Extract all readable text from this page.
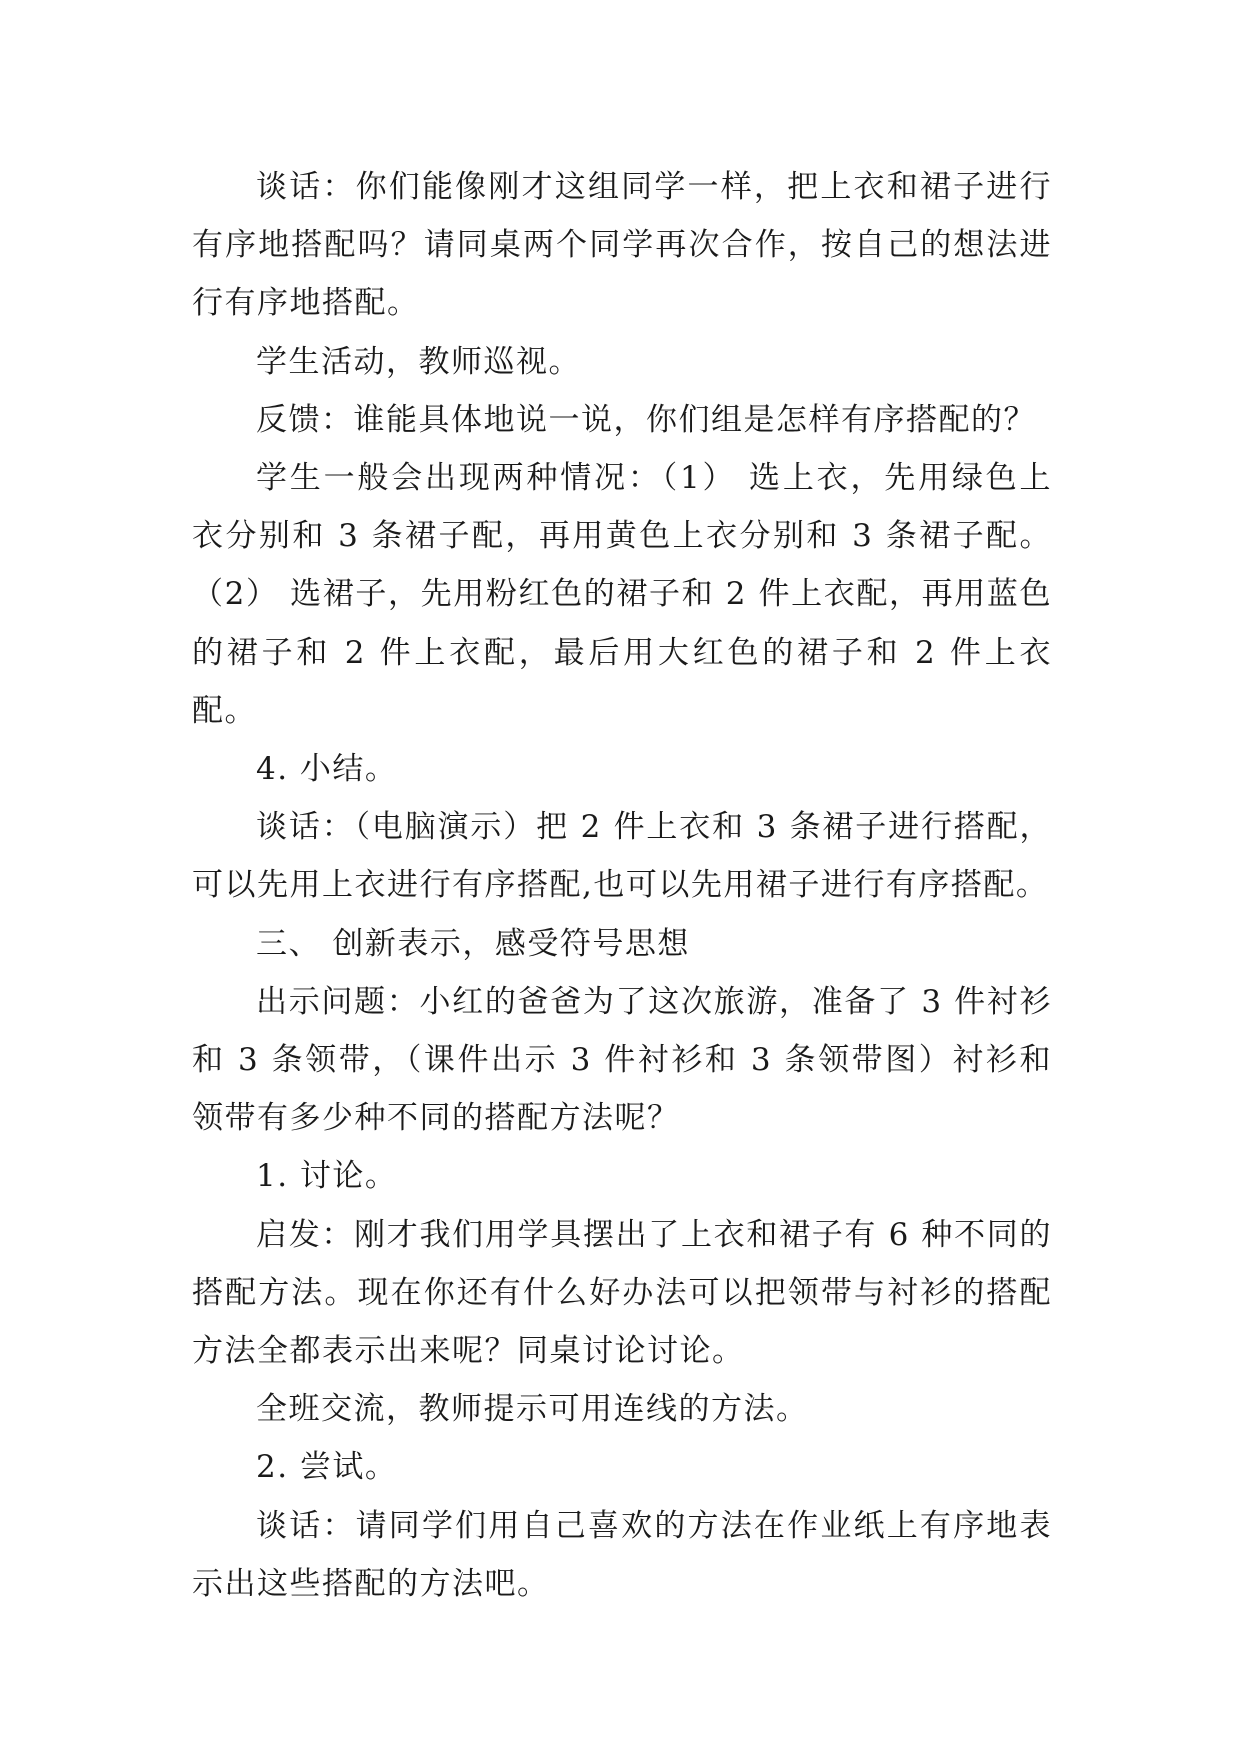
谈话：你们能像刚才这组同学一样，把上衣和裙子进行有序地搭配吗？请同桌两个同学再次合作，按自己的想法进行有序地搭配。

学生活动，教师巡视。

反馈：谁能具体地说一说，你们组是怎样有序搭配的？

学生一般会出现两种情况：（1） 选上衣，先用绿色上衣分别和 3 条裙子配，再用黄色上衣分别和 3 条裙子配。（2） 选裙子，先用粉红色的裙子和 2 件上衣配，再用蓝色的裙子和 2 件上衣配，最后用大红色的裙子和 2 件上衣配。

4. 小结。

谈话：（电脑演示）把 2 件上衣和 3 条裙子进行搭配，可以先用上衣进行有序搭配,也可以先用裙子进行有序搭配。

三、 创新表示，感受符号思想

出示问题：小红的爸爸为了这次旅游，准备了 3 件衬衫和 3 条领带，（课件出示 3 件衬衫和 3 条领带图）衬衫和领带有多少种不同的搭配方法呢？

1. 讨论。

启发：刚才我们用学具摆出了上衣和裙子有 6 种不同的搭配方法。现在你还有什么好办法可以把领带与衬衫的搭配方法全都表示出来呢？同桌讨论讨论。

全班交流，教师提示可用连线的方法。

2. 尝试。

谈话：请同学们用自己喜欢的方法在作业纸上有序地表示出这些搭配的方法吧。
